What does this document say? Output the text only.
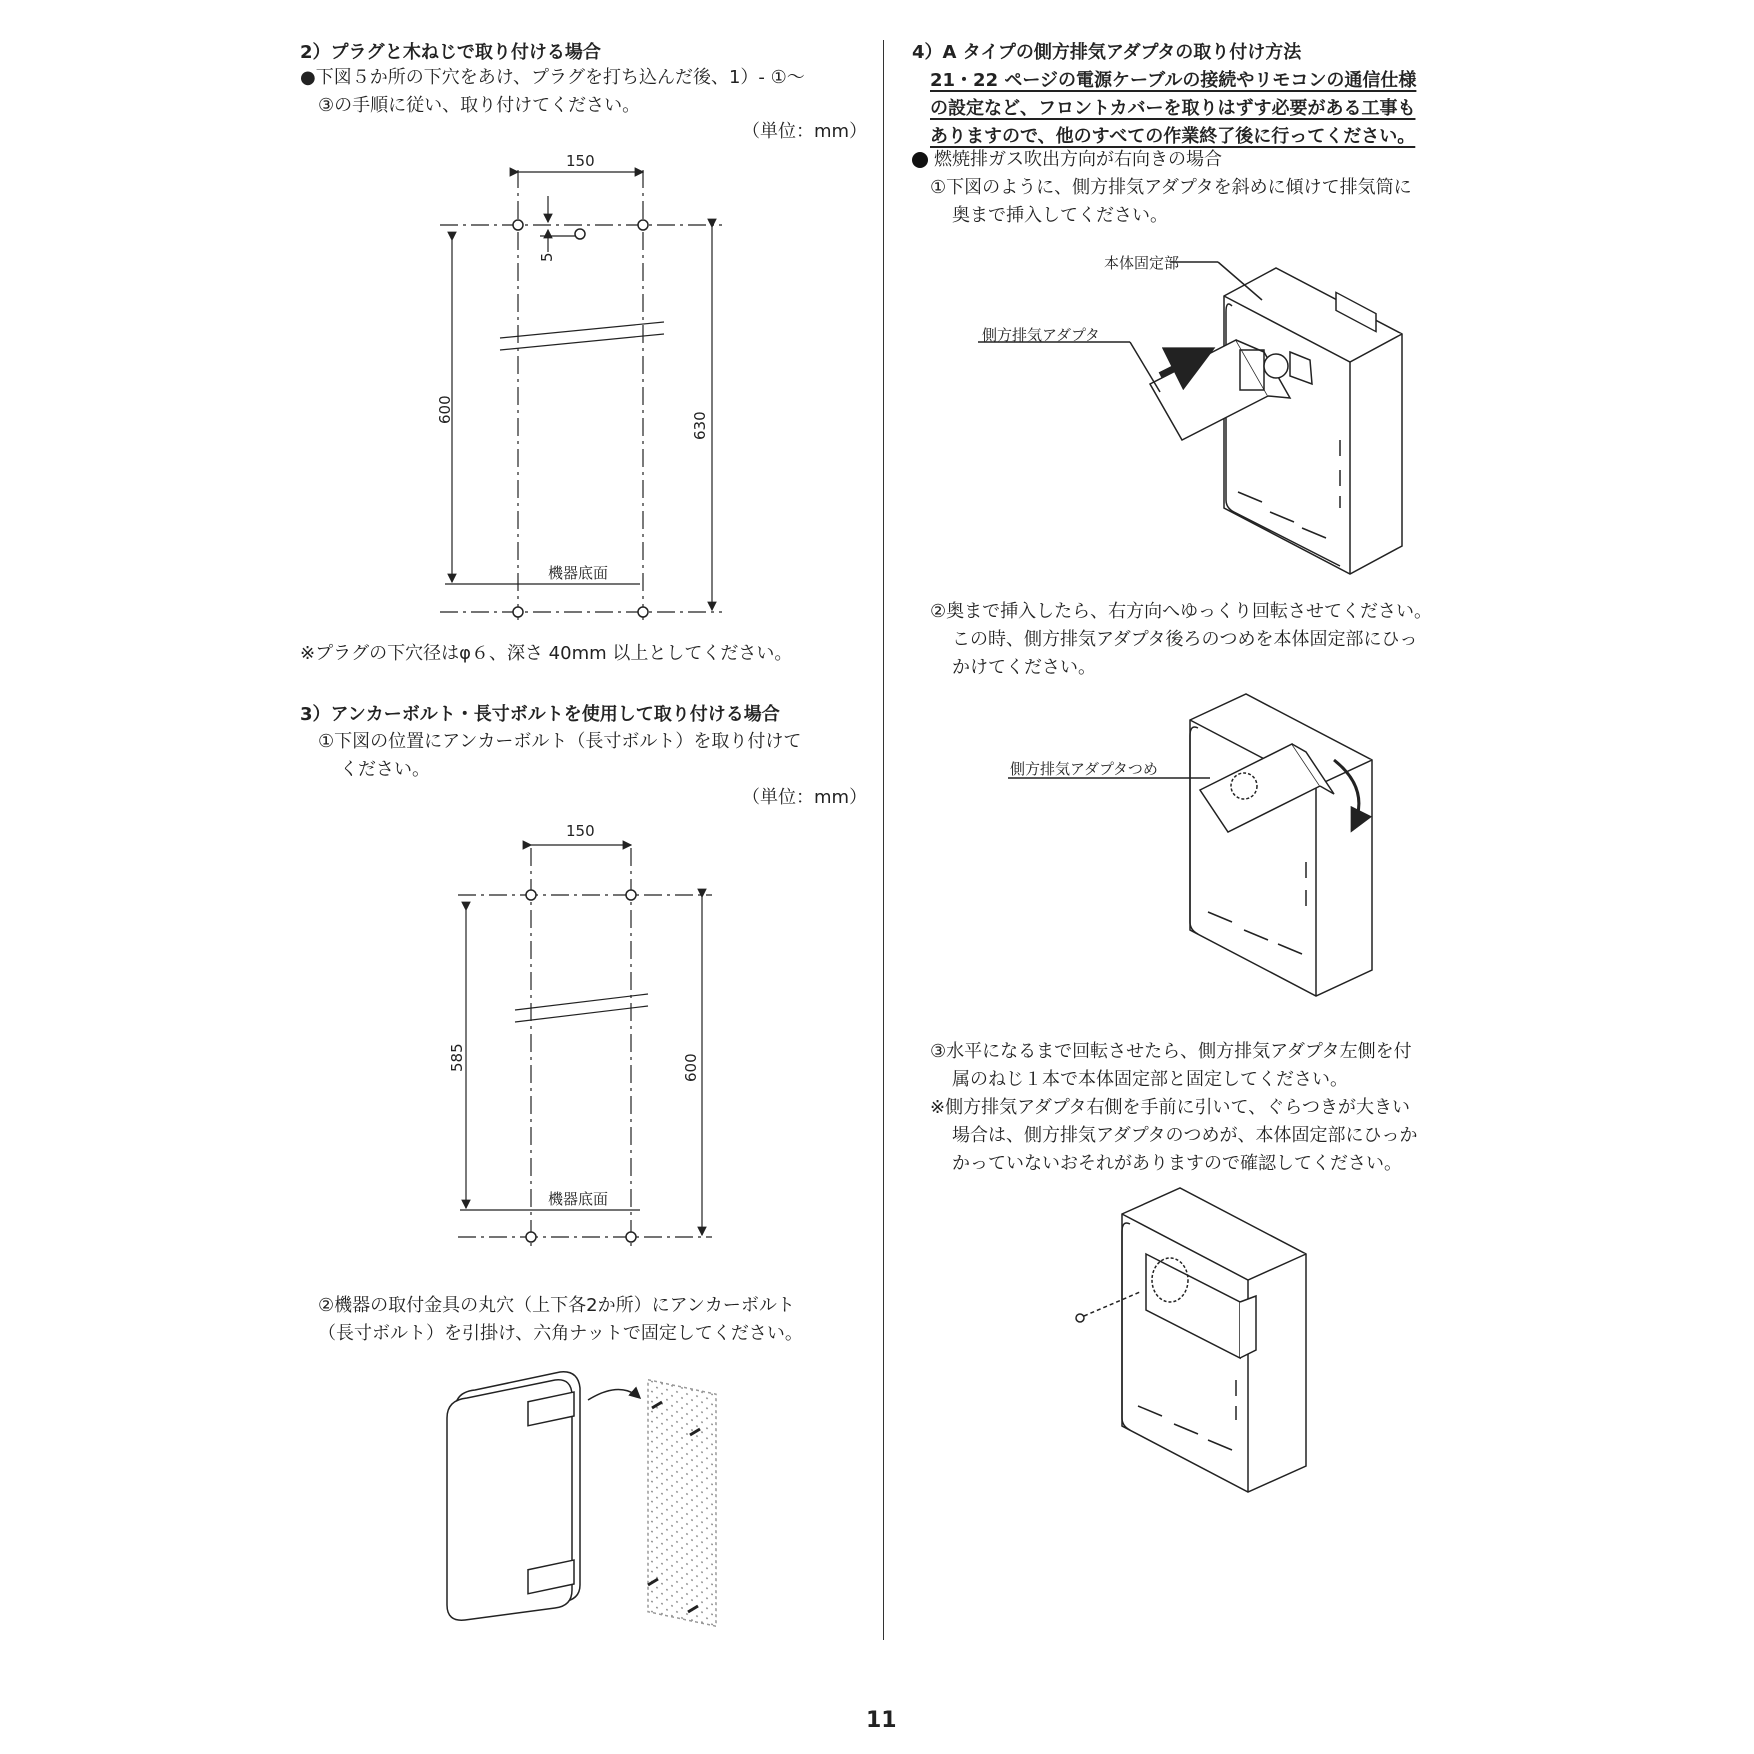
2）プラグと木ねじで取り付ける場合
●下図５か所の下穴をあけ、プラグを打ち込んだ後、1）- ①～
③の手順に従い、取り付けてください。
（単位：mm）
150
5
600
630
機器底面
※プラグの下穴径はφ６、深さ 40mm 以上としてください。
3）アンカーボルト・長寸ボルトを使用して取り付ける場合
①下図の位置にアンカーボルト（長寸ボルト）を取り付けて
ください。
（単位：mm）
150
585	600
機器底面
②機器の取付金具の丸穴（上下各2か所）にアンカーボルト
（長寸ボルト）を引掛け、六角ナットで固定してください。
4）A タイプの側方排気アダプタの取り付け方法
21・22 ページの電源ケーブルの接続やリモコンの通信仕様
の設定など、フロントカバーを取りはずす必要がある工事も
ありますので、他のすべての作業終了後に行ってください。
燃焼排ガス吹出方向が右向きの場合
①下図のように、側方排気アダプタを斜めに傾けて排気筒に
奥まで挿入してください。
本体固定部
側方排気アダプタ
②奥まで挿入したら、右方向へゆっくり回転させてください。
この時、側方排気アダプタ後ろのつめを本体固定部にひっ
かけてください。
側方排気アダプタつめ
③水平になるまで回転させたら、側方排気アダプタ左側を付
属のねじ１本で本体固定部と固定してください。
※側方排気アダプタ右側を手前に引いて、ぐらつきが大きい
場合は、側方排気アダプタのつめが、本体固定部にひっか
かっていないおそれがありますので確認してください。
11
